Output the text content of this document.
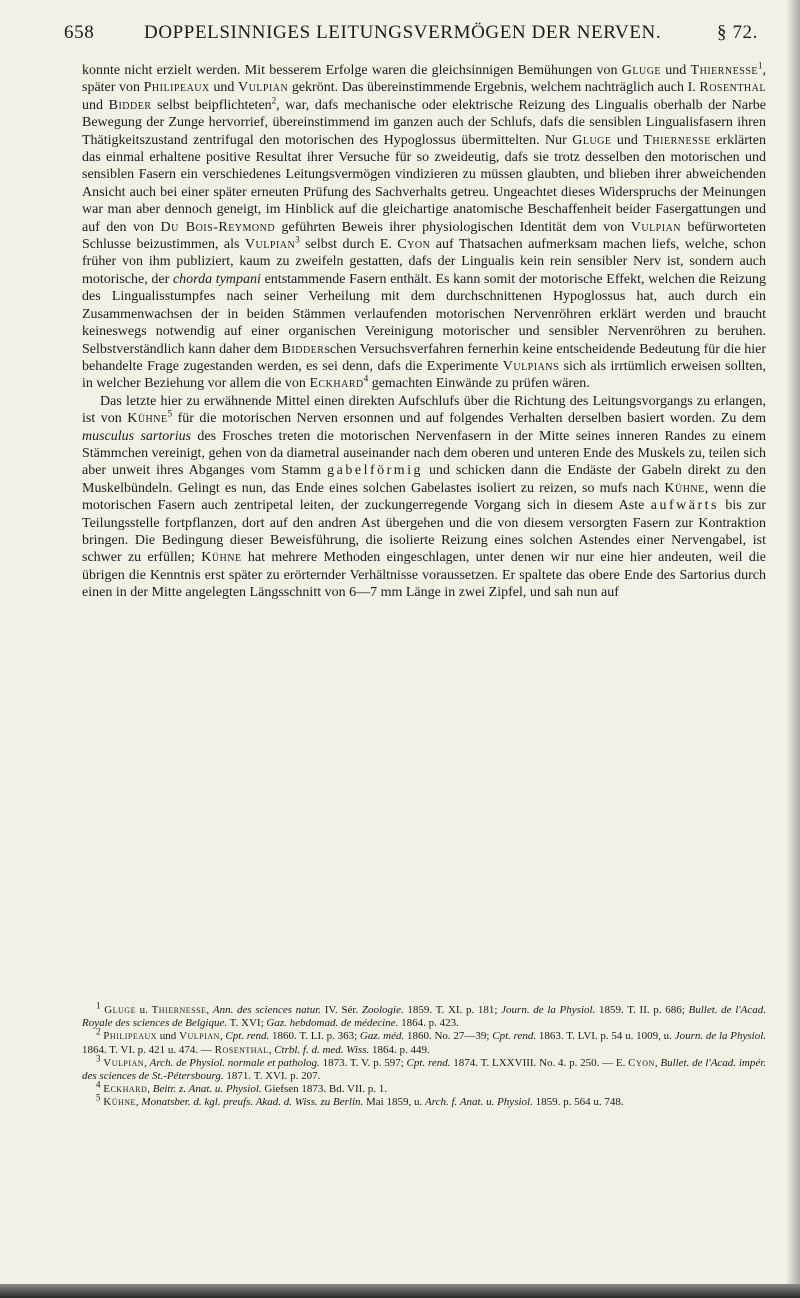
658	DOPPELSINNIGES LEITUNGSVERMÖGEN DER NERVEN.	§ 72.

konnte nicht erzielt werden. Mit besserem Erfolge waren die gleichsinnigen Bemühungen von Gluge und Thiernesse$^1$, später von Philipeaux und Vulpian gekrönt. Das übereinstimmende Ergebnis, welchem nachträglich auch I. Rosenthal und Bidder selbst beipflichteten$^2$, war, dafs mechanische oder elektrische Reizung des Lingualis oberhalb der Narbe Bewegung der Zunge hervorrief, übereinstimmend im ganzen auch der Schlufs, dafs die sensiblen Lingualisfasern ihren Thätigkeitszustand zentrifugal den motorischen des Hypoglossus übermittelten. Nur Gluge und Thiernesse erklärten das einmal erhaltene positive Resultat ihrer Versuche für so zweideutig, dafs sie trotz desselben den motorischen und sensiblen Fasern ein verschiedenes Leitungsvermögen vindizieren zu müssen glaubten, und blieben ihrer abweichenden Ansicht auch bei einer später erneuten Prüfung des Sachverhalts getreu. Ungeachtet dieses Widerspruchs der Meinungen war man aber dennoch geneigt, im Hinblick auf die gleichartige anatomische Beschaffenheit beider Fasergattungen und auf den von Du Bois-Reymond geführten Beweis ihrer physiologischen Identität dem von Vulpian befürworteten Schlusse beizustimmen, als Vulpian$^3$ selbst durch E. Cyon auf Thatsachen aufmerksam machen liefs, welche, schon früher von ihm publiziert, kaum zu zweifeln gestatten, dafs der Lingualis kein rein sensibler Nerv ist, sondern auch motorische, der chorda tympani entstammende Fasern enthält. Es kann somit der motorische Effekt, welchen die Reizung des Lingualisstumpfes nach seiner Verheilung mit dem durchschnittenen Hypoglossus hat, auch durch ein Zusammenwachsen der in beiden Stämmen verlaufenden motorischen Nervenröhren erklärt werden und braucht keineswegs notwendig auf einer organischen Vereinigung motorischer und sensibler Nervenröhren zu beruhen. Selbstverständlich kann daher dem Bidderschen Versuchsverfahren fernerhin keine entscheidende Bedeutung für die hier behandelte Frage zugestanden werden, es sei denn, dafs die Experimente Vulpians sich als irrtümlich erweisen sollten, in welcher Beziehung vor allem die von Eckhard$^4$ gemachten Einwände zu prüfen wären.

Das letzte hier zu erwähnende Mittel einen direkten Aufschlufs über die Richtung des Leitungsvorgangs zu erlangen, ist von Kühne$^5$ für die motorischen Nerven ersonnen und auf folgendes Verhalten derselben basiert worden. Zu dem musculus sartorius des Frosches treten die motorischen Nervenfasern in der Mitte seines inneren Randes zu einem Stämmchen vereinigt, gehen von da diametral auseinander nach dem oberen und unteren Ende des Muskels zu, teilen sich aber unweit ihres Abganges vom Stamm gabelförmig und schicken dann die Endäste der Gabeln direkt zu den Muskelbündeln. Gelingt es nun, das Ende eines solchen Gabelastes isoliert zu reizen, so mufs nach Kühne, wenn die motorischen Fasern auch zentripetal leiten, der zuckungerregende Vorgang sich in diesem Aste aufwärts bis zur Teilungsstelle fortpflanzen, dort auf den andren Ast übergehen und die von diesem versorgten Fasern zur Kontraktion bringen. Die Bedingung dieser Beweisführung, die isolierte Reizung eines solchen Astendes einer Nervengabel, ist schwer zu erfüllen; Kühne hat mehrere Methoden eingeschlagen, unter denen wir nur eine hier andeuten, weil die übrigen die Kenntnis erst später zu erörternder Verhältnisse voraussetzen. Er spaltete das obere Ende des Sartorius durch einen in der Mitte angelegten Längsschnitt von 6—7 mm Länge in zwei Zipfel, und sah nun auf

$^1$ Gluge u. Thiernesse, Ann. des sciences natur. IV. Sér. Zoologie. 1859. T. XI. p. 181; Journ. de la Physiol. 1859. T. II. p. 686; Bullet. de l'Acad. Royale des sciences de Belgique. T. XVI; Gaz. hebdomad. de médecine. 1864. p. 423.

$^2$ Philipeaux und Vulpian, Cpt. rend. 1860. T. LI. p. 363; Gaz. méd. 1860. No. 27—39; Cpt. rend. 1863. T. LVI. p. 54 u. 1009, u. Journ. de la Physiol. 1864. T. VI. p. 421 u. 474. — Rosenthal, Ctrbl. f. d. med. Wiss. 1864. p. 449.

$^3$ Vulpian, Arch. de Physiol. normale et patholog. 1873. T. V. p. 597; Cpt. rend. 1874. T. LXXVIII. No. 4. p. 250. — E. Cyon, Bullet. de l'Acad. impér. des sciences de St.-Pétersbourg. 1871. T. XVI. p. 207.

$^4$ Eckhard, Beitr. z. Anat. u. Physiol. Giefsen 1873. Bd. VII. p. 1.

$^5$ Kühne, Monatsber. d. kgl. preufs. Akad. d. Wiss. zu Berlin. Mai 1859, u. Arch. f. Anat. u. Physiol. 1859. p. 564 u. 748.
